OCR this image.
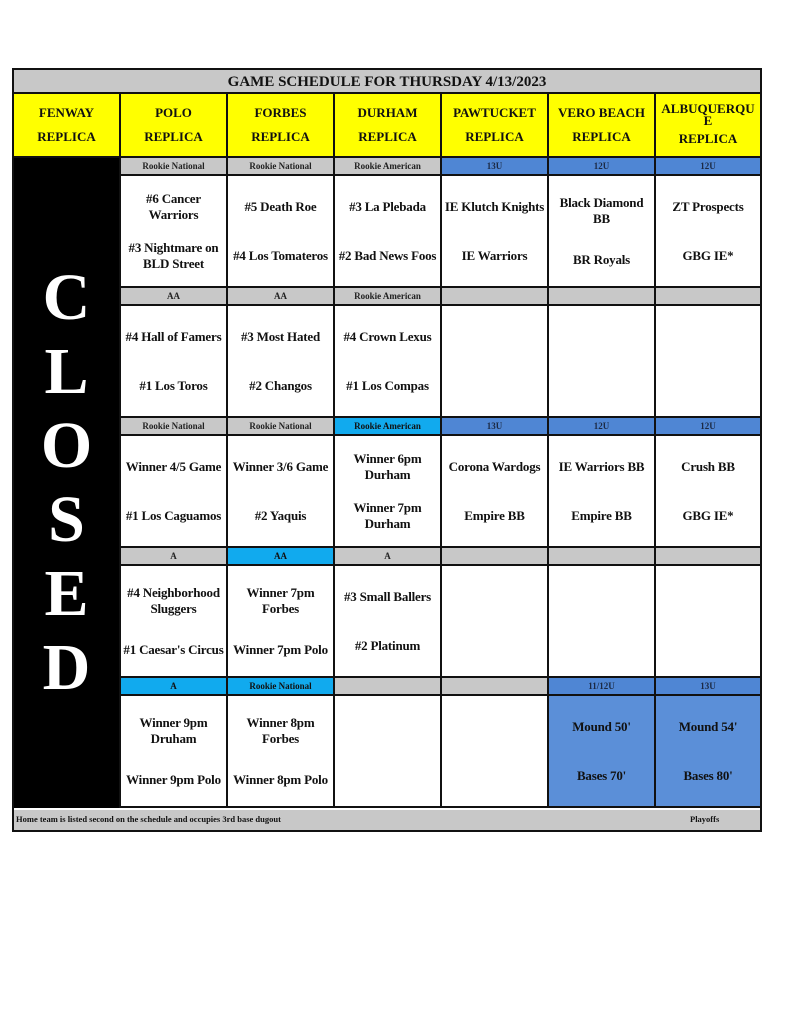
GAME SCHEDULE FOR THURSDAY 4/13/2023
FENWAY
REPLICA
POLO
REPLICA
FORBES
REPLICA
DURHAM
REPLICA
PAWTUCKET
REPLICA
VERO BEACH
REPLICA
ALBUQUERQUE
REPLICA
C
L
O
S
E
D
Rookie National
#6 Cancer Warriors
#3 Nightmare on BLD Street
Rookie National
#5 Death Roe
#4 Los Tomateros
Rookie American
#3 La Plebada
#2 Bad News Foos
13U
IE Klutch Knights
IE Warriors
12U
Black Diamond BB
BR Royals
12U
ZT Prospects
GBG IE*
AA
#4 Hall of Famers
#1 Los Toros
AA
#3 Most Hated
#2 Changos
Rookie American
#4 Crown Lexus
#1 Los Compas
Rookie National
Winner 4/5 Game
#1 Los Caguamos
Rookie National
Winner 3/6 Game
#2 Yaquis
Rookie American
Winner 6pm Durham
Winner 7pm Durham
13U
Corona Wardogs
Empire BB
12U
IE Warriors BB
Empire BB
12U
Crush BB
GBG IE*
A
#4 Neighborhood Sluggers
#1 Caesar's Circus
AA
Winner 7pm Forbes
Winner 7pm Polo
A
#3 Small Ballers
#2 Platinum
A
Winner 9pm Druham
Winner 9pm Polo
Rookie National
Winner 8pm Forbes
Winner 8pm Polo
11/12U
Mound 50'
Bases 70'
13U
Mound 54'
Bases 80'
Home team is listed second on the schedule and occupies 3rd base dugout	Playoffs
